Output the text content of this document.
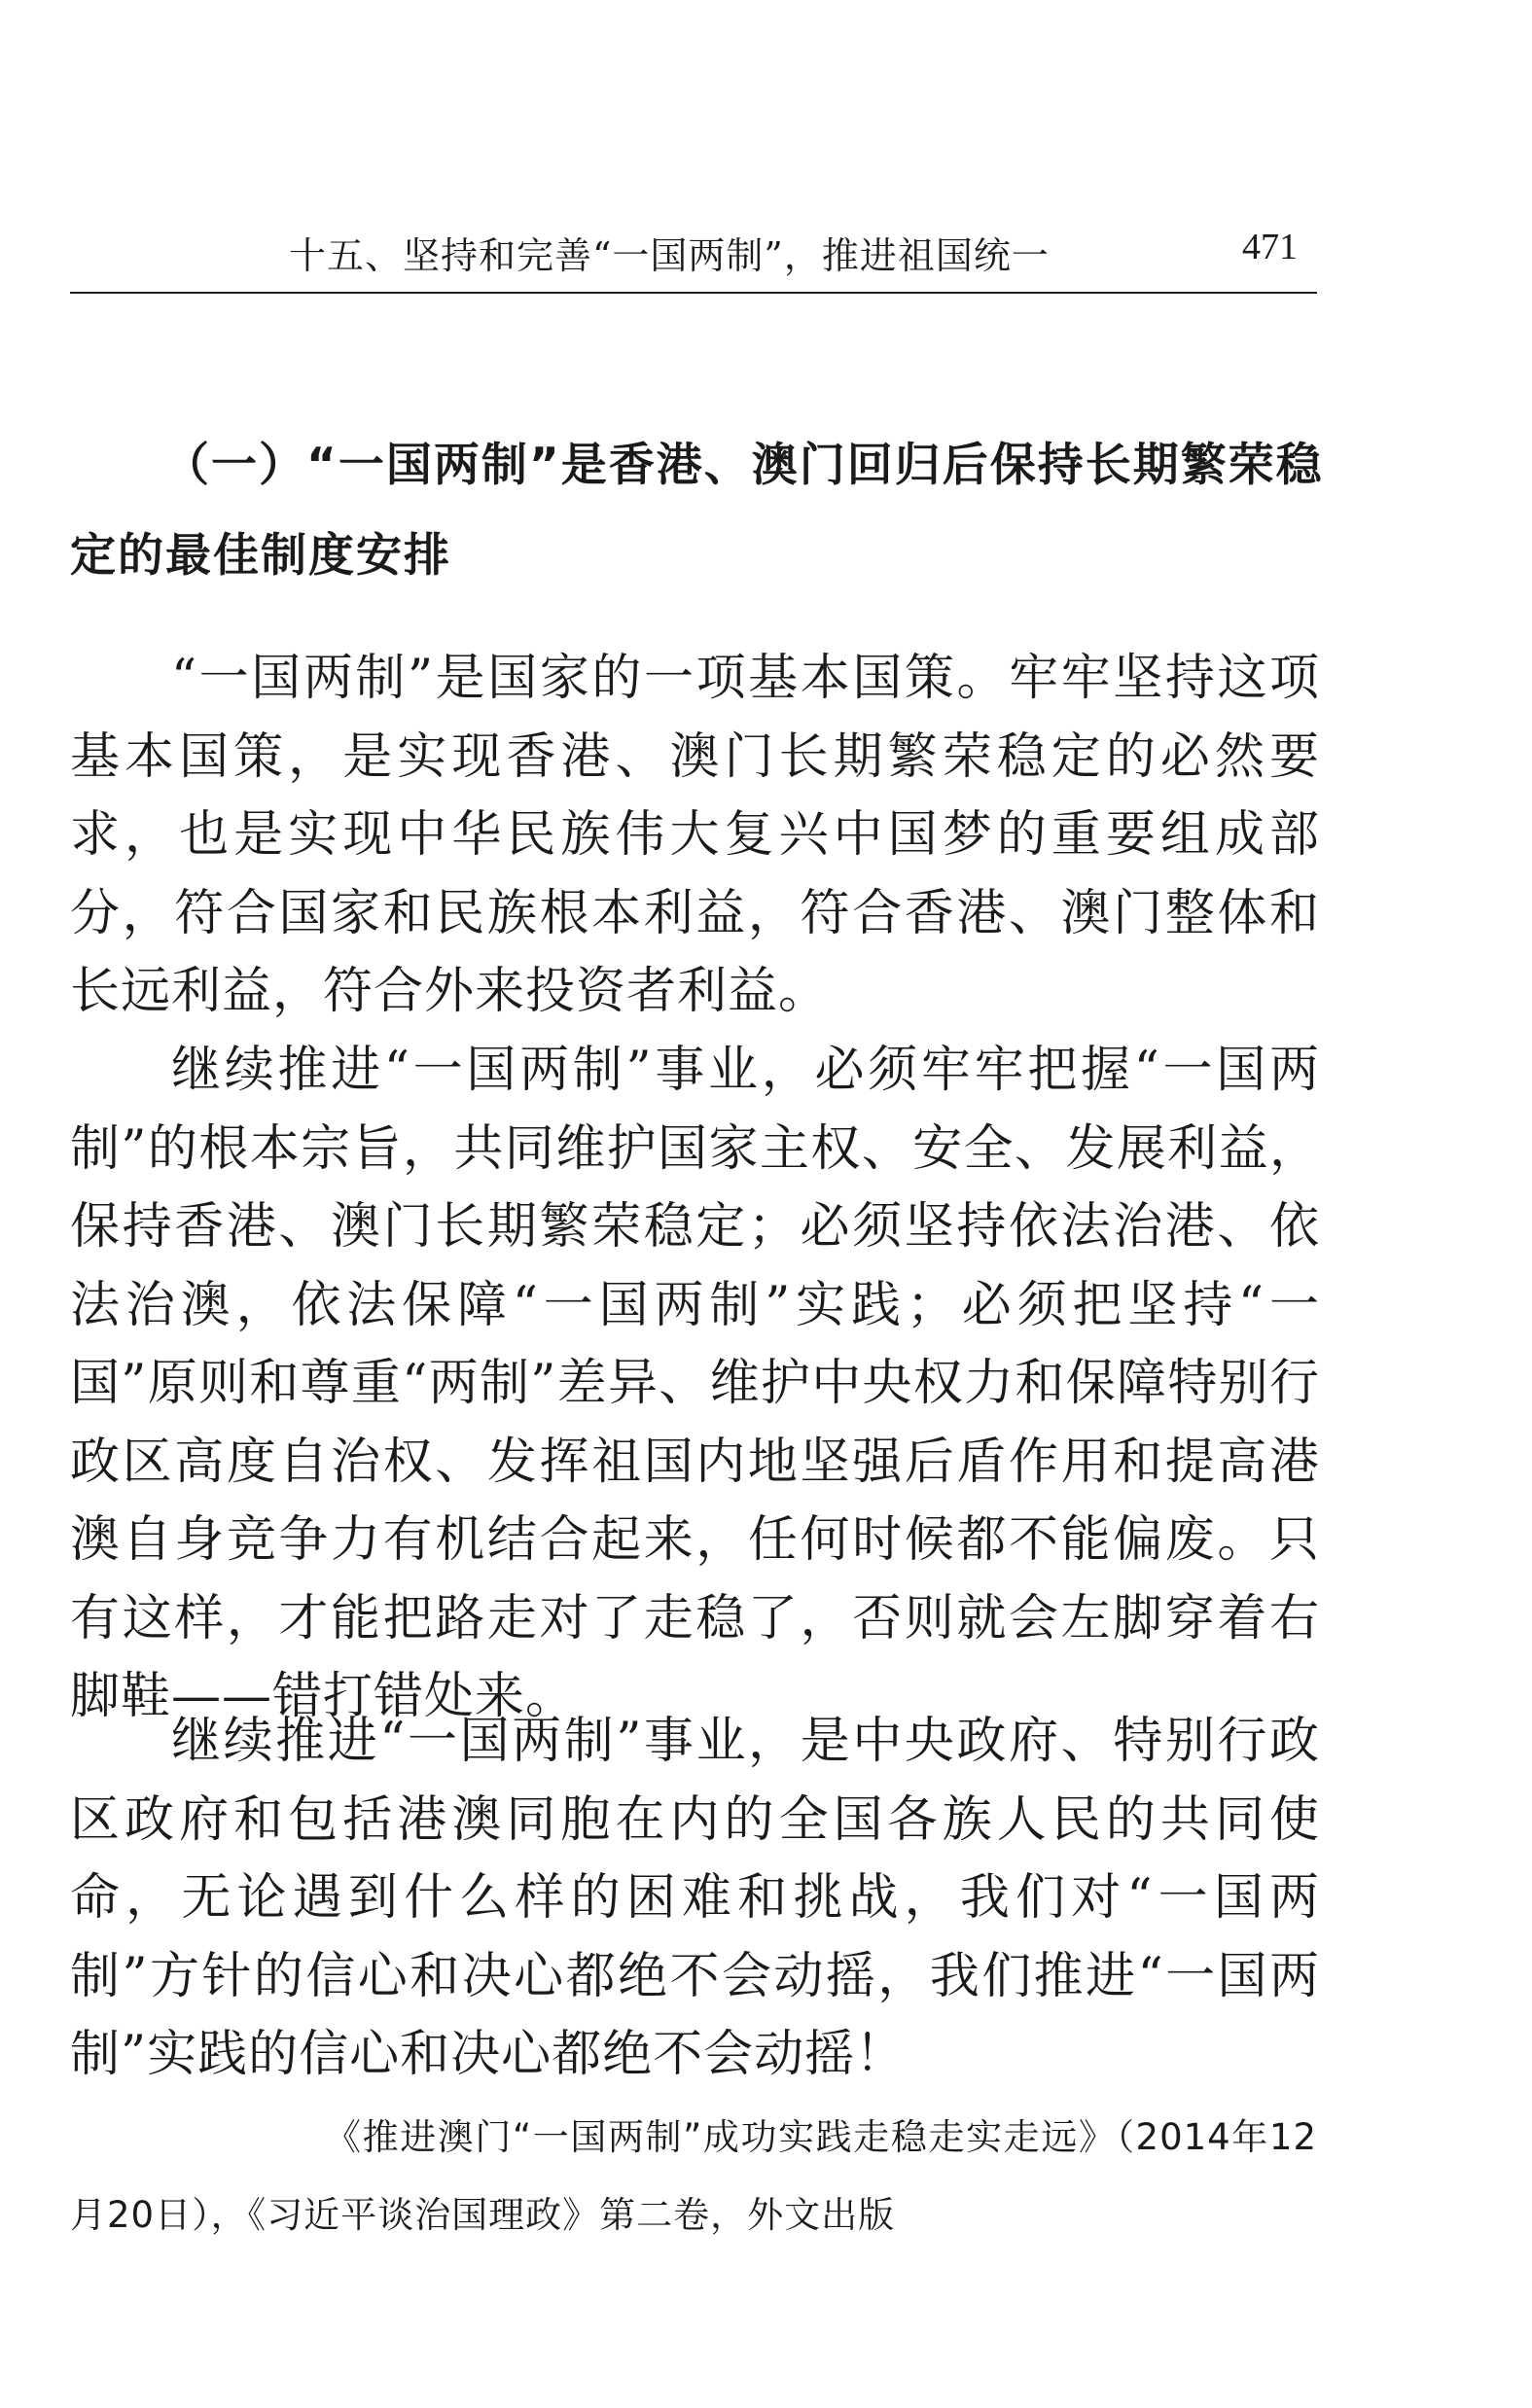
十五、坚持和完善“一国两制”，推进祖国统一	471
（一）“一国两制”是香港、澳门回归后保持长期繁荣稳定的最佳制度安排

“一国两制”是国家的一项基本国策。牢牢坚持这项基本国策，是实现香港、澳门长期繁荣稳定的必然要求，也是实现中华民族伟大复兴中国梦的重要组成部分，符合国家和民族根本利益，符合香港、澳门整体和长远利益，符合外来投资者利益。

继续推进“一国两制”事业，必须牢牢把握“一国两制”的根本宗旨，共同维护国家主权、安全、发展利益，保持香港、澳门长期繁荣稳定；必须坚持依法治港、依法治澳，依法保障“一国两制”实践；必须把坚持“一国”原则和尊重“两制”差异、维护中央权力和保障特别行政区高度自治权、发挥祖国内地坚强后盾作用和提高港澳自身竞争力有机结合起来，任何时候都不能偏废。只有这样，才能把路走对了走稳了，否则就会左脚穿着右脚鞋——错打错处来。

继续推进“一国两制”事业，是中央政府、特别行政区政府和包括港澳同胞在内的全国各族人民的共同使命，无论遇到什么样的困难和挑战，我们对“一国两制”方针的信心和决心都绝不会动摇，我们推进“一国两制”实践的信心和决心都绝不会动摇！

《推进澳门“一国两制”成功实践走稳走实走远》（2014年12月20日），《习近平谈治国理政》第二卷，外文出版
